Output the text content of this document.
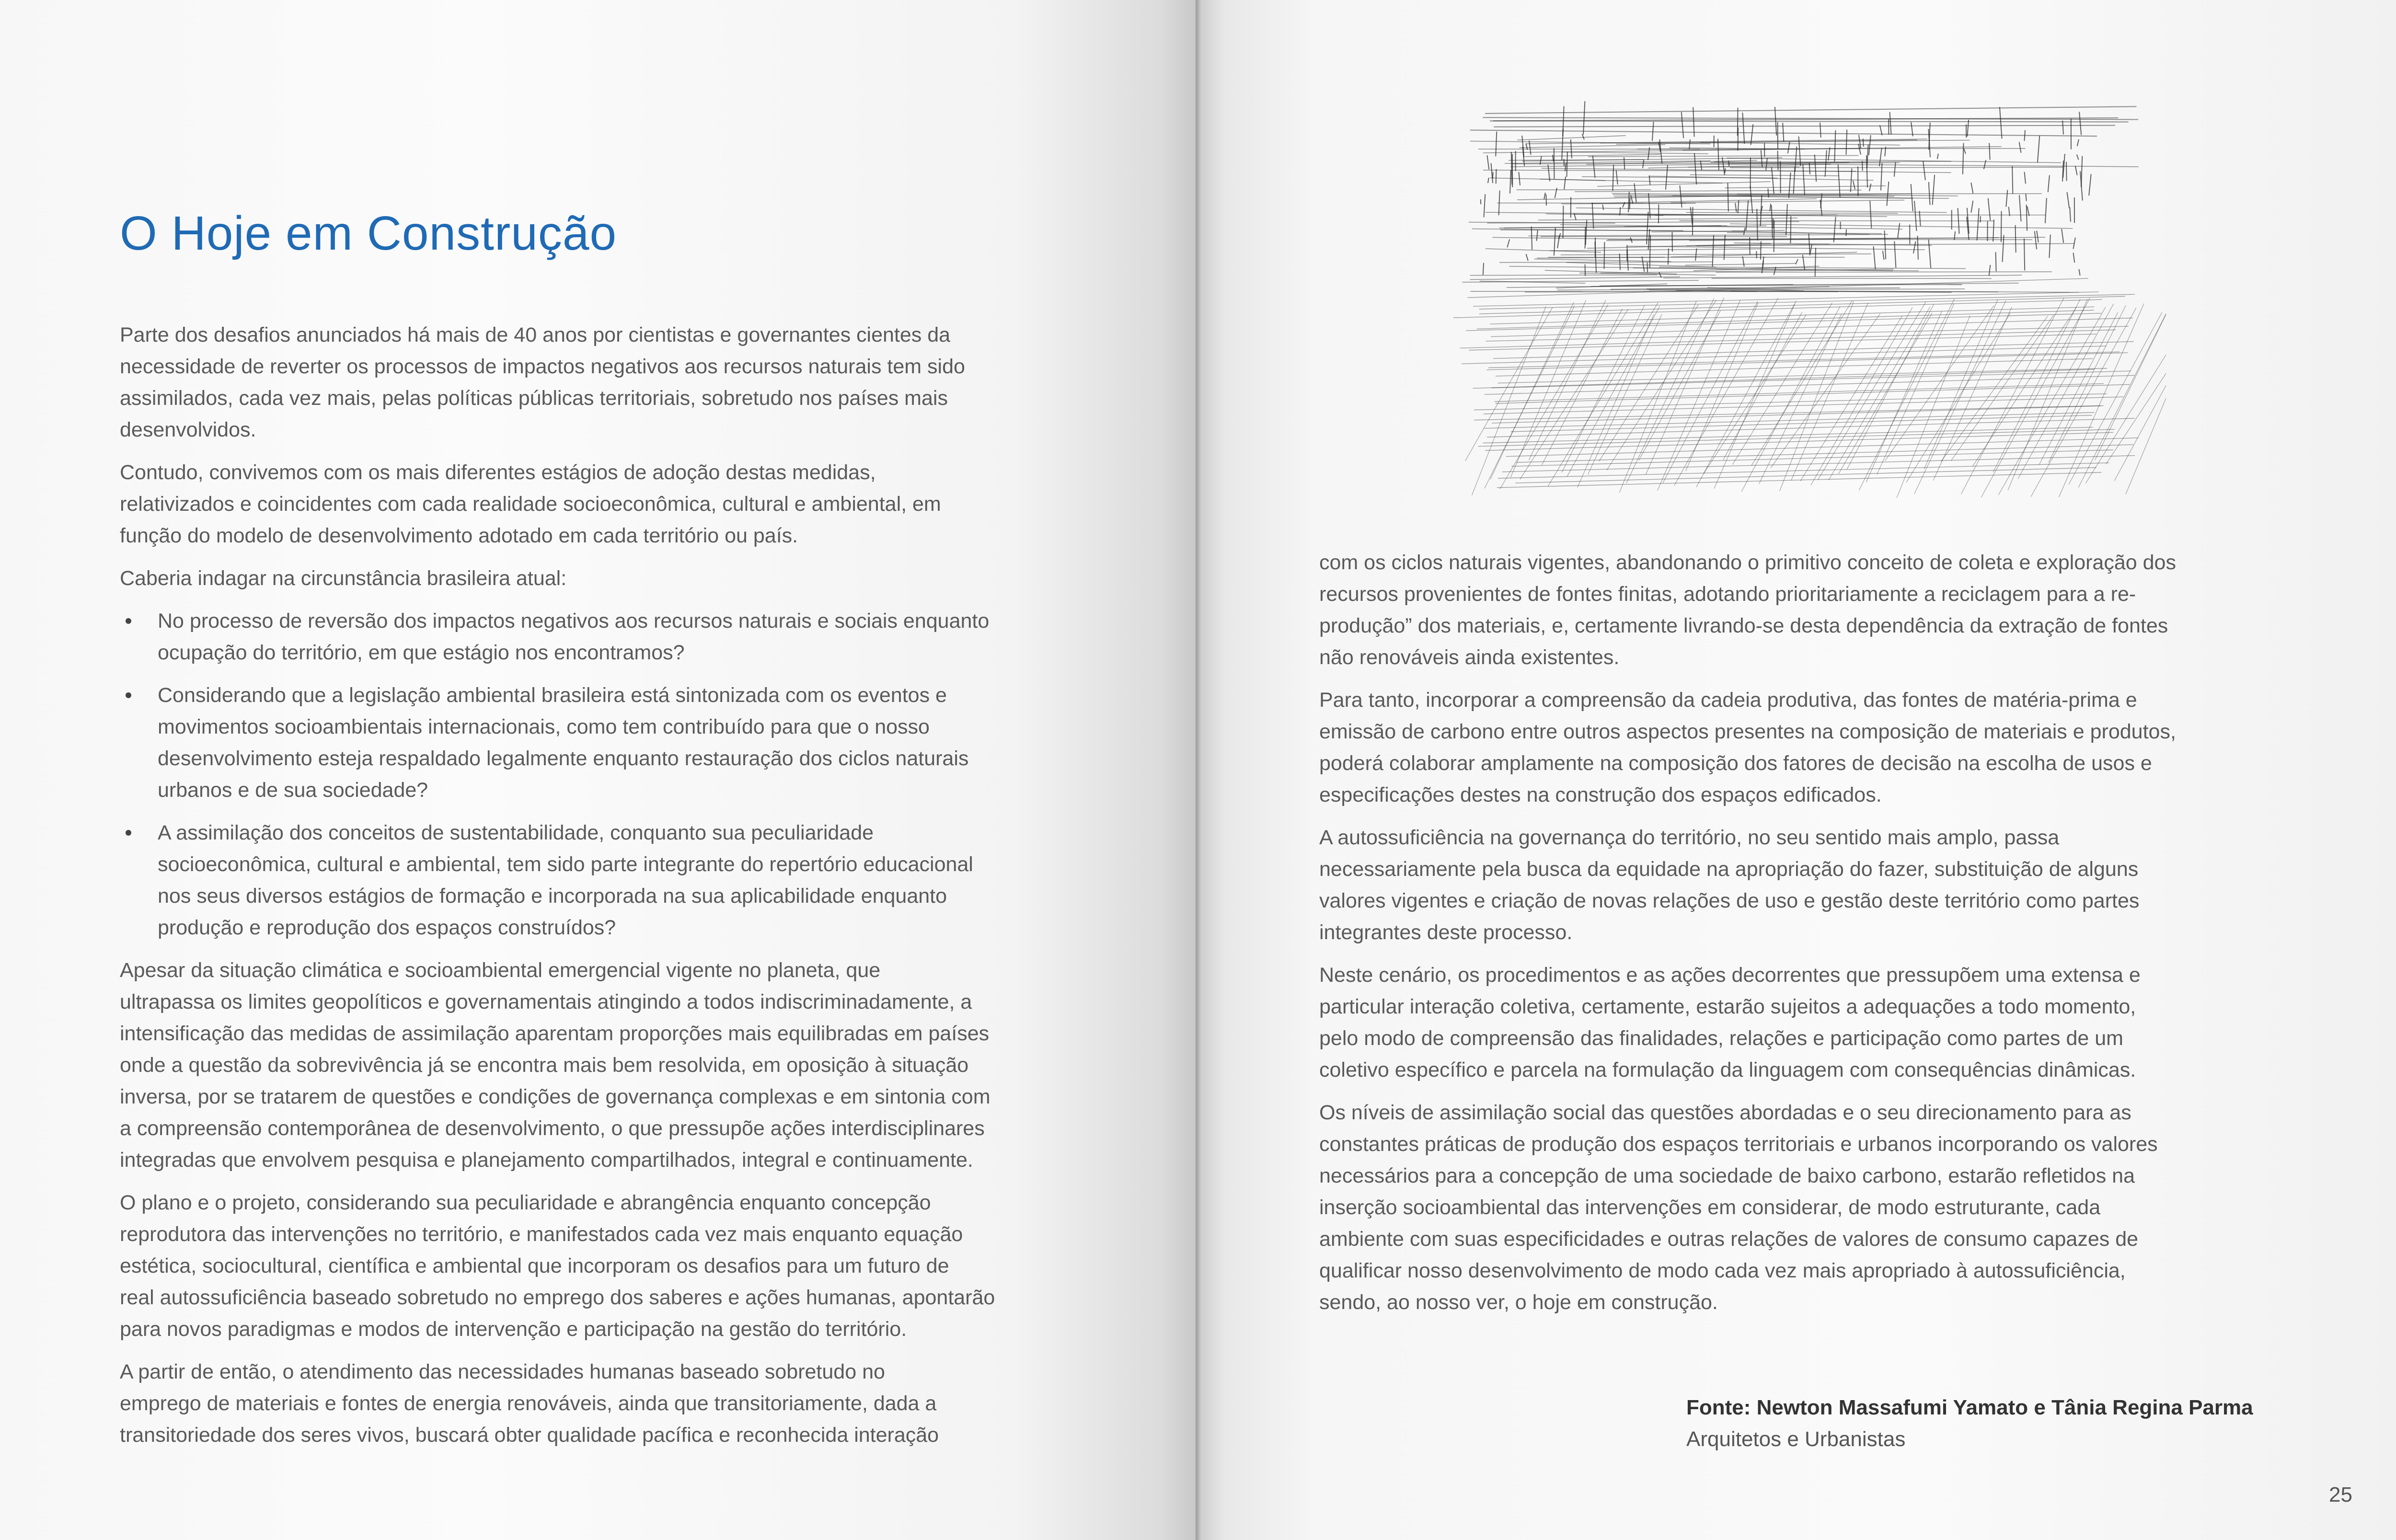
O Hoje em Construção
Parte dos desafios anunciados há mais de 40 anos por cientistas e governantes cientes da
necessidade de reverter os processos de impactos negativos aos recursos naturais tem sido
assimilados, cada vez mais, pelas políticas públicas territoriais, sobretudo nos países mais
desenvolvidos.
Contudo, convivemos com os mais diferentes estágios de adoção destas medidas,
relativizados e coincidentes com cada realidade socioeconômica, cultural e ambiental, em
função do modelo de desenvolvimento adotado em cada território ou país.
Caberia indagar na circunstância brasileira atual:
No processo de reversão dos impactos negativos aos recursos naturais e sociais enquanto
ocupação do território, em que estágio nos encontramos?
Considerando que a legislação ambiental brasileira está sintonizada com os eventos e
movimentos socioambientais internacionais, como tem contribuído para que o nosso
desenvolvimento esteja respaldado legalmente enquanto restauração dos ciclos naturais
urbanos e de sua sociedade?
A assimilação dos conceitos de sustentabilidade, conquanto sua peculiaridade
socioeconômica, cultural e ambiental, tem sido parte integrante do repertório educacional
nos seus diversos estágios de formação e incorporada na sua aplicabilidade enquanto
produção e reprodução dos espaços construídos?
Apesar da situação climática e socioambiental emergencial vigente no planeta, que
ultrapassa os limites geopolíticos e governamentais atingindo a todos indiscriminadamente, a
intensificação das medidas de assimilação aparentam proporções mais equilibradas em países
onde a questão da sobrevivência já se encontra mais bem resolvida, em oposição à situação
inversa, por se tratarem de questões e condições de governança complexas e em sintonia com
a compreensão contemporânea de desenvolvimento, o que pressupõe ações interdisciplinares
integradas que envolvem pesquisa e planejamento compartilhados, integral e continuamente.
O plano e o projeto, considerando sua peculiaridade e abrangência enquanto concepção
reprodutora das intervenções no território, e manifestados cada vez mais enquanto equação
estética, sociocultural, científica e ambiental que incorporam os desafios para um futuro de
real autossuficiência baseado sobretudo no emprego dos saberes e ações humanas, apontarão
para novos paradigmas e modos de intervenção e participação na gestão do território.
A partir de então, o atendimento das necessidades humanas baseado sobretudo no
emprego de materiais e fontes de energia renováveis, ainda que transitoriamente, dada a
transitoriedade dos seres vivos, buscará obter qualidade pacífica e reconhecida interação
com os ciclos naturais vigentes, abandonando o primitivo conceito de coleta e exploração dos
recursos provenientes de fontes finitas, adotando prioritariamente a reciclagem para a re-
produção” dos materiais, e, certamente livrando-se desta dependência da extração de fontes
não renováveis ainda existentes.
Para tanto, incorporar a compreensão da cadeia produtiva, das fontes de matéria-prima e
emissão de carbono entre outros aspectos presentes na composição de materiais e produtos,
poderá colaborar amplamente na composição dos fatores de decisão na escolha de usos e
especificações destes na construção dos espaços edificados.
A autossuficiência na governança do território, no seu sentido mais amplo, passa
necessariamente pela busca da equidade na apropriação do fazer, substituição de alguns
valores vigentes e criação de novas relações de uso e gestão deste território como partes
integrantes deste processo.
Neste cenário, os procedimentos e as ações decorrentes que pressupõem uma extensa e
particular interação coletiva, certamente, estarão sujeitos a adequações a todo momento,
pelo modo de compreensão das finalidades, relações e participação como partes de um
coletivo específico e parcela na formulação da linguagem com consequências dinâmicas.
Os níveis de assimilação social das questões abordadas e o seu direcionamento para as
constantes práticas de produção dos espaços territoriais e urbanos incorporando os valores
necessários para a concepção de uma sociedade de baixo carbono, estarão refletidos na
inserção socioambiental das intervenções em considerar, de modo estruturante, cada
ambiente com suas especificidades e outras relações de valores de consumo capazes de
qualificar nosso desenvolvimento de modo cada vez mais apropriado à autossuficiência,
sendo, ao nosso ver, o hoje em construção.
Fonte: Newton Massafumi Yamato e Tânia Regina Parma
Arquitetos e Urbanistas
25
